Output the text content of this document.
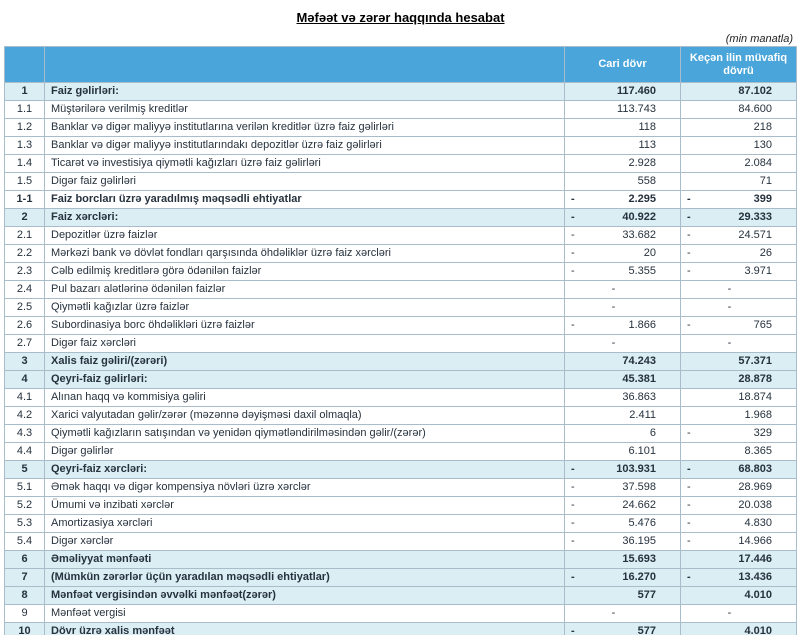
Məfəət və zərər haqqında hesabat
(min manatla)
		Cari dövr	Keçən ilin müvafiq dövrü
1	Faiz gəlirləri:	117.460	87.102

1.1	Müştərilərə verilmiş kreditlər	113.743	84.600

1.2	Banklar və digər maliyyə institutlarına verilən kreditlər üzrə faiz gəlirləri	118	218

1.3	Banklar və digər maliyyə institutlarındakı depozitlər üzrə faiz gəlirləri	113	130

1.4	Ticarət və investisiya qiymətli kağızları üzrə faiz gəlirləri	2.928	2.084

1.5	Digər faiz gəlirləri	558	71

1-1	Faiz borcları üzrə yaradılmış məqsədli ehtiyatlar	- 2.295	- 399

2	Faiz xərcləri:	- 40.922	- 29.333

2.1	Depozitlər üzrə faizlər	- 33.682	- 24.571

2.2	Mərkəzi bank və dövlət fondları qarşısında öhdəliklər üzrə faiz xərcləri	- 20	- 26

2.3	Cəlb edilmiş kreditlərə görə ödənilən faizlər	- 5.355	- 3.971

2.4	Pul bazarı alətlərinə ödənilən faizlər	-	-

2.5	Qiymətli kağızlar üzrə faizlər	-	-

2.6	Subordinasiya borc öhdəlikləri üzrə faizlər	- 1.866	- 765

2.7	Digər faiz xərcləri	-	-

3	Xalis faiz gəliri/(zərəri)	74.243	57.371

4	Qeyri-faiz gəlirləri:	45.381	28.878

4.1	Alınan haqq və kommisiya gəliri	36.863	18.874

4.2	Xarici valyutadan gəlir/zərər (məzənnə dəyişməsi daxil olmaqla)	2.411	1.968

4.3	Qiymətli kağızların satışından və yenidən qiymətləndirilməsindən gəlir/(zərər)	6	- 329

4.4	Digər gəlirlər	6.101	8.365

5	Qeyri-faiz xərcləri:	- 103.931	- 68.803

5.1	Əmək haqqı və digər kompensiya növləri üzrə xərclər	- 37.598	- 28.969

5.2	Ümumi və inzibati xərclər	- 24.662	- 20.038

5.3	Amortizasiya xərcləri	- 5.476	- 4.830

5.4	Digər xərclər	- 36.195	- 14.966

6	Əməliyyat mənfəəti	15.693	17.446

7	(Mümkün zərərlər üçün yaradılan məqsədli ehtiyatlar)	- 16.270	- 13.436

8	Mənfəət vergisindən əvvəlki mənfəət(zərər)	577	4.010

9	Mənfəət vergisi	-	-

10	Dövr üzrə xalis mənfəət	- 577	4.010
